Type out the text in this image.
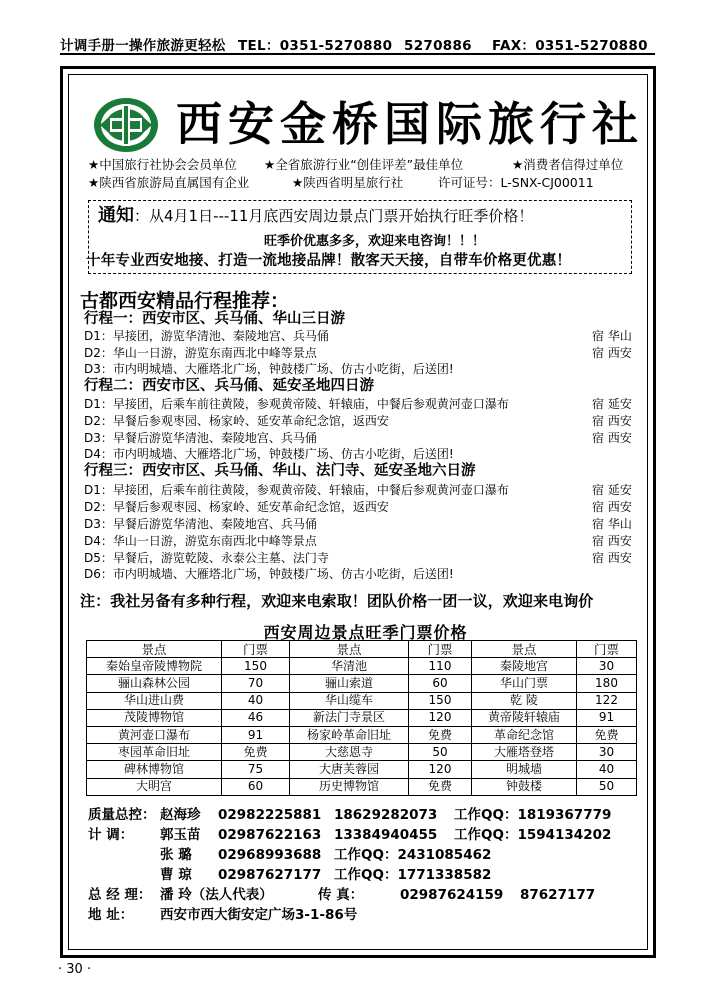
计调手册一操作旅游更轻松 TEL：0351-5270880 5270886 FAX：0351-5270880
西安金桥国际旅行社
★中国旅行社协会会员单位 ★全省旅游行业“创佳评差”最佳单位	★消费者信得过单位
★陕西省旅游局直属国有企业	★陕西省明星旅行社	许可证号：L-SNX-CJ00011
通知：从4月1日---11月底西安周边景点门票开始执行旺季价格！
旺季价优惠多多，欢迎来电咨询！！！
十年专业西安地接、打造一流地接品牌！散客天天接，自带车价格更优惠！
古都西安精品行程推荐：
行程一：西安市区、兵马俑、华山三日游
D1：早接团，游览华清池、秦陵地宫、兵马俑	宿 华山
D2：华山一日游，游览东南西北中峰等景点	宿 西安
D3：市内明城墙、大雁塔北广场，钟鼓楼广场、仿古小吃街，后送团!
行程二：西安市区、兵马俑、延安圣地四日游
D1：早接团，后乘车前往黄陵，参观黄帝陵、轩辕庙，中餐后参观黄河壶口瀑布	宿 延安
D2：早餐后参观枣园、杨家岭、延安革命纪念馆，返西安	宿 西安
D3：早餐后游览华清池、秦陵地宫、兵马俑	宿 西安
D4：市内明城墙、大雁塔北广场，钟鼓楼广场、仿古小吃街，后送团!
行程三：西安市区、兵马俑、华山、法门寺、延安圣地六日游
D1：早接团，后乘车前往黄陵，参观黄帝陵、轩辕庙，中餐后参观黄河壶口瀑布	宿 延安
D2：早餐后参观枣园、杨家岭、延安革命纪念馆，返西安	宿 西安
D3：早餐后游览华清池、秦陵地宫、兵马俑	宿 华山
D4：华山一日游，游览东南西北中峰等景点	宿 西安
D5：早餐后，游览乾陵、永泰公主墓、法门寺	宿 西安
D6：市内明城墙、大雁塔北广场，钟鼓楼广场、仿古小吃街，后送团!
注：我社另备有多种行程，欢迎来电索取！团队价格一团一议，欢迎来电询价
西安周边景点旺季门票价格
景点	门票	景点	门票	景点	门票
秦始皇帝陵博物院	150	华清池	110	秦陵地宫	30
骊山森林公园	70	骊山索道	60	华山门票	180
华山进山费	40	华山缆车	150	乾 陵	122
茂陵博物馆	46	新法门寺景区	120	黄帝陵轩辕庙	91
黄河壶口瀑布	91	杨家岭革命旧址	免费	革命纪念馆	免费
枣园革命旧址	免费	大慈恩寺	50	大雁塔登塔	30
碑林博物馆	75	大唐芙蓉园	120	明城墙	40
大明宫	60	历史博物馆	免费	钟鼓楼	50
质量总控： 赵海珍 02982225881 18629282073 工作QQ：1819367779
计 调： 郭玉苗 02987622163 13384940455 工作QQ：1594134202
张 璐 02968993688 工作QQ：2431085462
曹 琼 02987627177 工作QQ：1771338582
总 经 理： 潘 玲（法人代表）	传 真：	02987624159 87627177
地 址： 西安市西大街安定广场3-1-86号
· 30 ·
